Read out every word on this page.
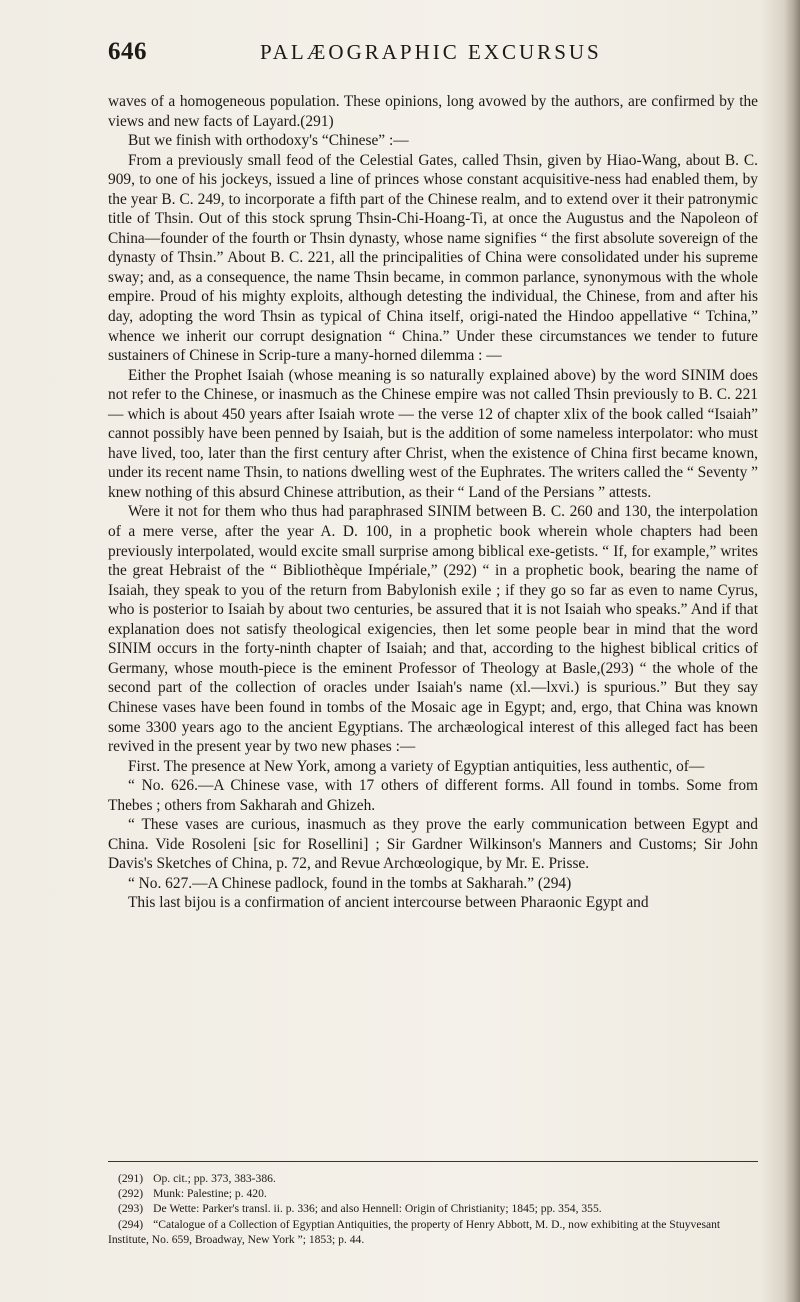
646	PALÆOGRAPHIC EXCURSUS

waves of a homogeneous population. These opinions, long avowed by the authors, are confirmed by the views and new facts of Layard.(291)

But we finish with orthodoxy's “Chinese” :—

From a previously small feod of the Celestial Gates, called Thsin, given by Hiao-Wang, about B. C. 909, to one of his jockeys, issued a line of princes whose constant acquisitive-ness had enabled them, by the year B. C. 249, to incorporate a fifth part of the Chinese realm, and to extend over it their patronymic title of Thsin. Out of this stock sprung Thsin-Chi-Hoang-Ti, at once the Augustus and the Napoleon of China—founder of the fourth or Thsin dynasty, whose name signifies “ the first absolute sovereign of the dynasty of Thsin.” About B. C. 221, all the principalities of China were consolidated under his supreme sway; and, as a consequence, the name Thsin became, in common parlance, synonymous with the whole empire. Proud of his mighty exploits, although detesting the individual, the Chinese, from and after his day, adopting the word Thsin as typical of China itself, origi-nated the Hindoo appellative “ Tchina,” whence we inherit our corrupt designation “ China.” Under these circumstances we tender to future sustainers of Chinese in Scrip-ture a many-horned dilemma : —

Either the Prophet Isaiah (whose meaning is so naturally explained above) by the word SINIM does not refer to the Chinese, or inasmuch as the Chinese empire was not called Thsin previously to B. C. 221 — which is about 450 years after Isaiah wrote — the verse 12 of chapter xlix of the book called “Isaiah” cannot possibly have been penned by Isaiah, but is the addition of some nameless interpolator: who must have lived, too, later than the first century after Christ, when the existence of China first became known, under its recent name Thsin, to nations dwelling west of the Euphrates. The writers called the “ Seventy ” knew nothing of this absurd Chinese attribution, as their “ Land of the Persians ” attests.

Were it not for them who thus had paraphrased SINIM between B. C. 260 and 130, the interpolation of a mere verse, after the year A. D. 100, in a prophetic book wherein whole chapters had been previously interpolated, would excite small surprise among biblical exe-getists. “ If, for example,” writes the great Hebraist of the “ Bibliothèque Impériale,” (292) “ in a prophetic book, bearing the name of Isaiah, they speak to you of the return from Babylonish exile ; if they go so far as even to name Cyrus, who is posterior to Isaiah by about two centuries, be assured that it is not Isaiah who speaks.” And if that explanation does not satisfy theological exigencies, then let some people bear in mind that the word SINIM occurs in the forty-ninth chapter of Isaiah; and that, according to the highest biblical critics of Germany, whose mouth-piece is the eminent Professor of Theology at Basle,(293) “ the whole of the second part of the collection of oracles under Isaiah's name (xl.—lxvi.) is spurious.” But they say Chinese vases have been found in tombs of the Mosaic age in Egypt; and, ergo, that China was known some 3300 years ago to the ancient Egyptians. The archæological interest of this alleged fact has been revived in the present year by two new phases :—

First. The presence at New York, among a variety of Egyptian antiquities, less authentic, of—

“ No. 626.—A Chinese vase, with 17 others of different forms. All found in tombs. Some from Thebes ; others from Sakharah and Ghizeh.

“ These vases are curious, inasmuch as they prove the early communication between Egypt and China. Vide Rosoleni [sic for Rosellini] ; Sir Gardner Wilkinson's Manners and Customs; Sir John Davis's Sketches of China, p. 72, and Revue Archœologique, by Mr. E. Prisse.

“ No. 627.—A Chinese padlock, found in the tombs at Sakharah.” (294)

This last bijou is a confirmation of ancient intercourse between Pharaonic Egypt and

(291) Op. cit.; pp. 373, 383-386.

(292) Munk: Palestine; p. 420.

(293) De Wette: Parker's transl. ii. p. 336; and also Hennell: Origin of Christianity; 1845; pp. 354, 355.

(294) “Catalogue of a Collection of Egyptian Antiquities, the property of Henry Abbott, M. D., now exhibiting at the Stuyvesant Institute, No. 659, Broadway, New York ”; 1853; p. 44.
